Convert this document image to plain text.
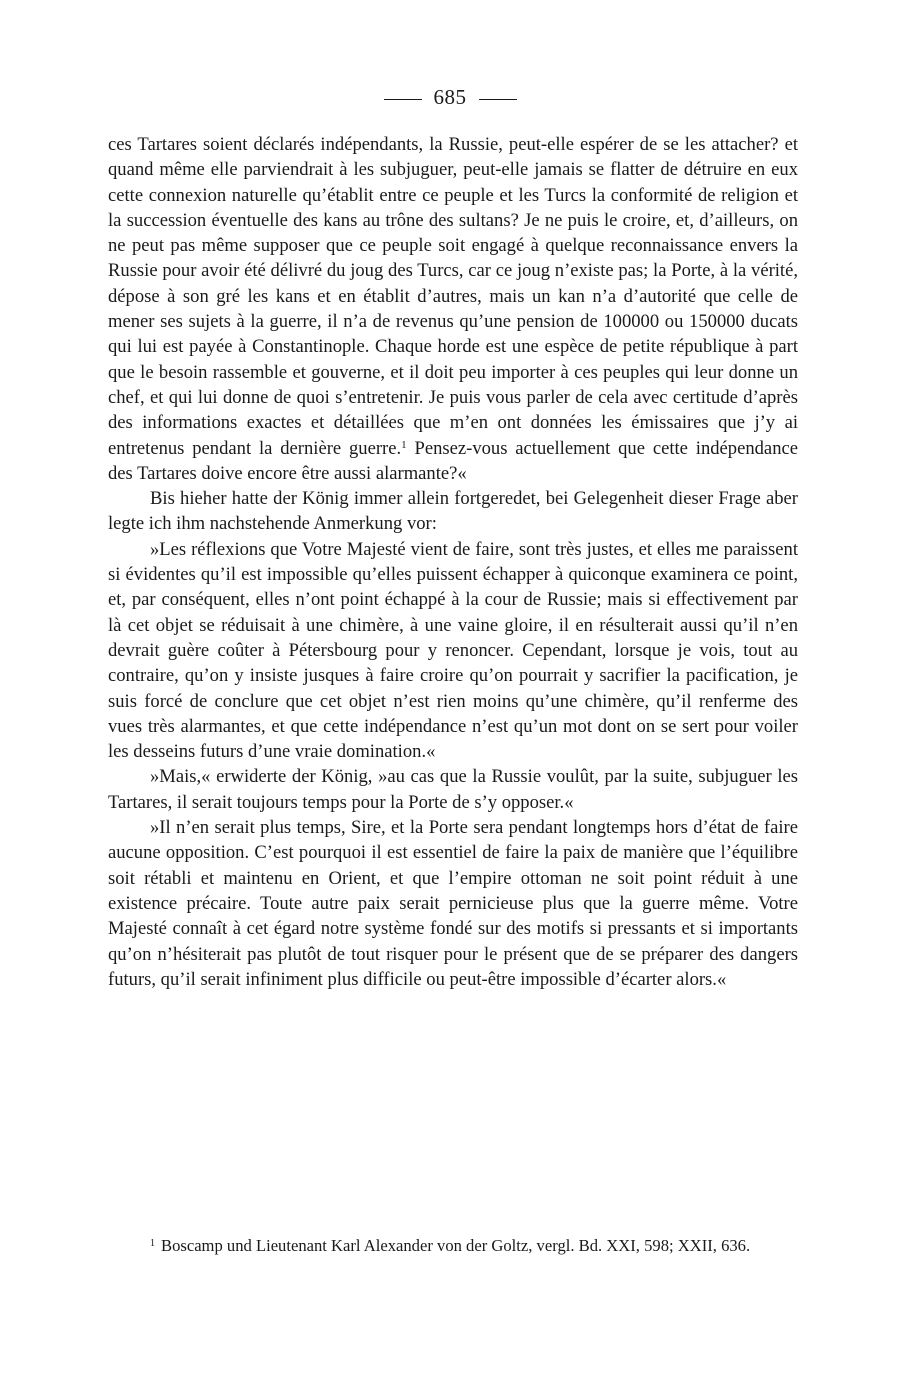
685

ces Tartares soient déclarés indépendants, la Russie, peut-elle espérer de se les attacher? et quand même elle parviendrait à les subjuguer, peut-elle jamais se flatter de détruire en eux cette connexion naturelle qu’établit entre ce peuple et les Turcs la conformité de religion et la succession éventuelle des kans au trône des sultans? Je ne puis le croire, et, d’ailleurs, on ne peut pas même supposer que ce peuple soit engagé à quelque reconnaissance envers la Russie pour avoir été délivré du joug des Turcs, car ce joug n’existe pas; la Porte, à la vérité, dépose à son gré les kans et en établit d’autres, mais un kan n’a d’autorité que celle de mener ses sujets à la guerre, il n’a de revenus qu’une pension de 100000 ou 150000 ducats qui lui est payée à Constantinople. Chaque horde est une espèce de petite république à part que le besoin rassemble et gouverne, et il doit peu importer à ces peuples qui leur donne un chef, et qui lui donne de quoi s’entretenir. Je puis vous parler de cela avec certitude d’après des informations exactes et détaillées que m’en ont données les émissaires que j’y ai entretenus pendant la dernière guerre.$^1$ Pensez-vous actuellement que cette indépendance des Tartares doive encore être aussi alarmante?«

Bis hieher hatte der König immer allein fortgeredet, bei Gelegenheit dieser Frage aber legte ich ihm nachstehende Anmerkung vor:

»Les réflexions que Votre Majesté vient de faire, sont très justes, et elles me paraissent si évidentes qu’il est impossible qu’elles puissent échapper à quiconque examinera ce point, et, par conséquent, elles n’ont point échappé à la cour de Russie; mais si effectivement par là cet objet se réduisait à une chimère, à une vaine gloire, il en résulterait aussi qu’il n’en devrait guère coûter à Pétersbourg pour y renoncer. Cependant, lorsque je vois, tout au contraire, qu’on y insiste jusques à faire croire qu’on pourrait y sacrifier la pacification, je suis forcé de conclure que cet objet n’est rien moins qu’une chimère, qu’il renferme des vues très alarmantes, et que cette indépendance n’est qu’un mot dont on se sert pour voiler les desseins futurs d’une vraie domination.«

»Mais,« erwiderte der König, »au cas que la Russie voulût, par la suite, subjuguer les Tartares, il serait toujours temps pour la Porte de s’y opposer.«

»Il n’en serait plus temps, Sire, et la Porte sera pendant longtemps hors d’état de faire aucune opposition. C’est pourquoi il est essentiel de faire la paix de manière que l’équilibre soit rétabli et maintenu en Orient, et que l’empire ottoman ne soit point réduit à une existence précaire. Toute autre paix serait pernicieuse plus que la guerre même. Votre Majesté connaît à cet égard notre système fondé sur des motifs si pressants et si importants qu’on n’hésiterait pas plutôt de tout risquer pour le présent que de se préparer des dangers futurs, qu’il serait infiniment plus difficile ou peut-être impossible d’écarter alors.«

$^1$ Boscamp und Lieutenant Karl Alexander von der Goltz, vergl. Bd. XXI, 598; XXII, 636.
